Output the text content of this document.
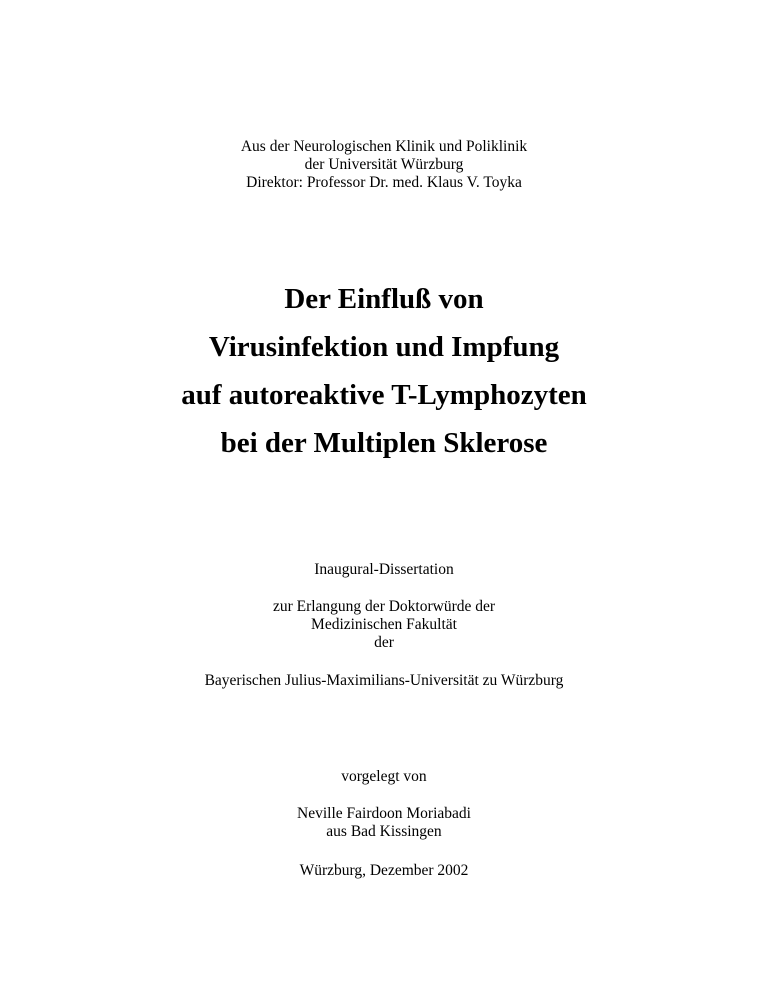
Aus der Neurologischen Klinik und Poliklinik
der Universität Würzburg
Direktor: Professor Dr. med. Klaus V. Toyka
Der Einfluß von
Virusinfektion und Impfung
auf autoreaktive T-Lymphozyten
bei der Multiplen Sklerose
Inaugural-Dissertation
zur Erlangung der Doktorwürde der
Medizinischen Fakultät
der
Bayerischen Julius-Maximilians-Universität zu Würzburg
vorgelegt von
Neville Fairdoon Moriabadi
aus Bad Kissingen
Würzburg, Dezember 2002
